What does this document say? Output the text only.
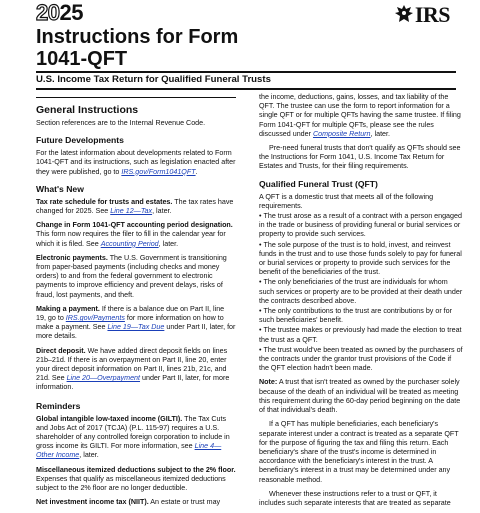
2025	IRS
Instructions for Form
1041-QFT
U.S. Income Tax Return for Qualified Funeral Trusts
General Instructions

Section references are to the Internal Revenue Code.

Future Developments

For the latest information about developments related to Form 1041-QFT and its instructions, such as legislation enacted after they were published, go to IRS.gov/Form1041QFT.

What's New

Tax rate schedule for trusts and estates. The tax rates have changed for 2025. See Line 12—Tax, later.

Change in Form 1041-QFT accounting period designation. This form now requires the filer to fill in the calendar year for which it is filed. See Accounting Period, later.

Electronic payments. The U.S. Government is transitioning from paper-based payments (including checks and money orders) to and from the federal government to electronic payments to improve efficiency and prevent delays, risks of fraud, lost payments, and theft.

Making a payment. If there is a balance due on Part II, line 19, go to IRS.gov/Payments for more information on how to make a payment. See Line 19—Tax Due under Part II, later, for more details.

Direct deposit. We have added direct deposit fields on lines 21b–21d. If there is an overpayment on Part II, line 20, enter your direct deposit information on Part II, lines 21b, 21c, and 21d. See Line 20—Overpayment under Part II, later, for more information.

Reminders

Global intangible low-taxed income (GILTI). The Tax Cuts and Jobs Act of 2017 (TCJA) (P.L. 115-97) requires a U.S. shareholder of any controlled foreign corporation to include in gross income its GILTI. For more information, see Line 4—Other Income, later.

Miscellaneous itemized deductions subject to the 2% floor. Expenses that qualify as miscellaneous itemized deductions subject to the 2% floor are no longer deductible.

Net investment income tax (NIIT). An estate or trust may

the income, deductions, gains, losses, and tax liability of the QFT. The trustee can use the form to report information for a single QFT or for multiple QFTs having the same trustee. If filing Form 1041-QFT for multiple QFTs, please see the rules discussed under Composite Return, later.

Pre-need funeral trusts that don't qualify as QFTs should see the Instructions for Form 1041, U.S. Income Tax Return for Estates and Trusts, for their filing requirements.

Qualified Funeral Trust (QFT)

A QFT is a domestic trust that meets all of the following requirements.

• The trust arose as a result of a contract with a person engaged in the trade or business of providing funeral or burial services or property to provide such services.

• The sole purpose of the trust is to hold, invest, and reinvest funds in the trust and to use those funds solely to pay for funeral or burial services or property to provide such services for the benefit of the beneficiaries of the trust.

• The only beneficiaries of the trust are individuals for whom such services or property are to be provided at their death under the contracts described above.

• The only contributions to the trust are contributions by or for such beneficiaries' benefit.

• The trustee makes or previously had made the election to treat the trust as a QFT.

• The trust would've been treated as owned by the purchasers of the contracts under the grantor trust provisions of the Code if the QFT election hadn't been made.

Note: A trust that isn't treated as owned by the purchaser solely because of the death of an individual will be treated as meeting this requirement during the 60-day period beginning on the date of that individual's death.

If a QFT has multiple beneficiaries, each beneficiary's separate interest under a contract is treated as a separate QFT for the purpose of figuring the tax and filing this return. Each beneficiary's share of the trust's income is determined in accordance with the beneficiary's interest in the trust. A beneficiary's interest in a trust may be determined under any reasonable method.

Whenever these instructions refer to a trust or QFT, it includes such separate interests that are treated as separate
